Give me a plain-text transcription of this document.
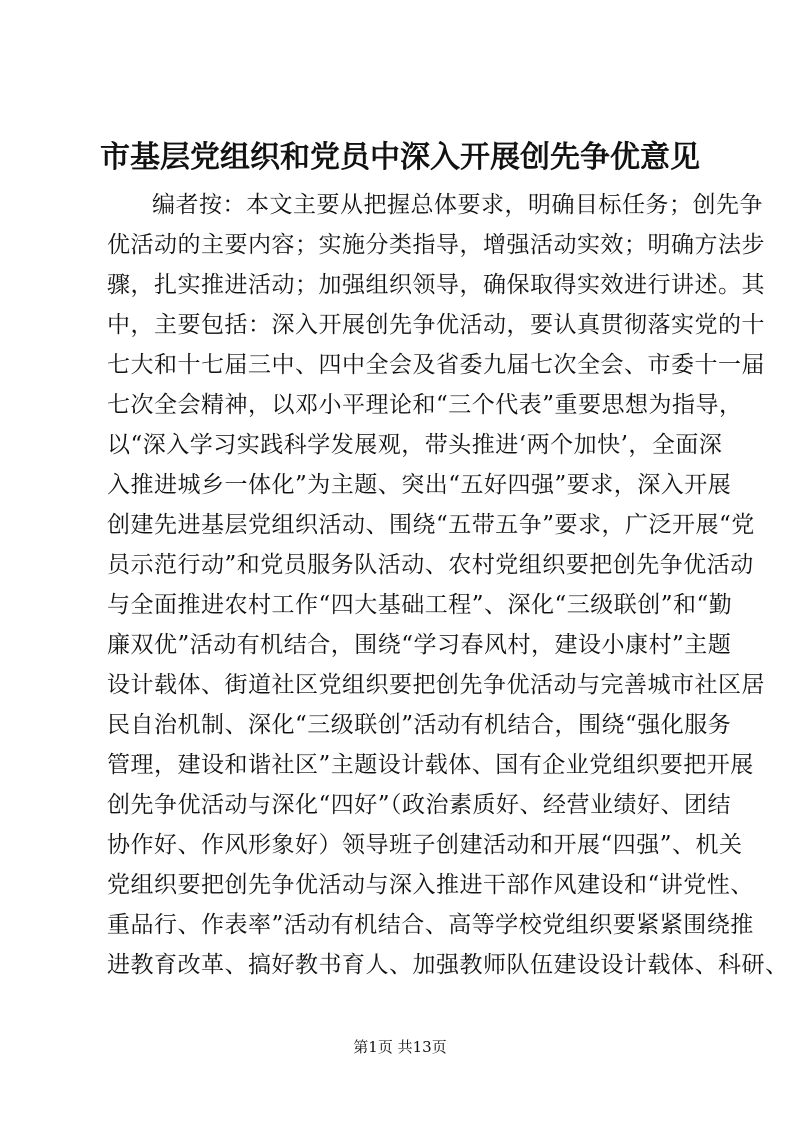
市基层党组织和党员中深入开展创先争优意见
编者按：本文主要从把握总体要求，明确目标任务；创先争
优活动的主要内容；实施分类指导，增强活动实效；明确方法步
骤，扎实推进活动；加强组织领导，确保取得实效进行讲述。其
中，主要包括：深入开展创先争优活动，要认真贯彻落实党的十
七大和十七届三中、四中全会及省委九届七次全会、市委十一届
七次全会精神，以邓小平理论和“三个代表”重要思想为指导，
以“深入学习实践科学发展观，带头推进‘两个加快’，全面深
入推进城乡一体化”为主题、突出“五好四强”要求，深入开展
创建先进基层党组织活动、围绕“五带五争”要求，广泛开展“党
员示范行动”和党员服务队活动、农村党组织要把创先争优活动
与全面推进农村工作“四大基础工程”、深化“三级联创”和“勤
廉双优”活动有机结合，围绕“学习春风村，建设小康村”主题
设计载体、街道社区党组织要把创先争优活动与完善城市社区居
民自治机制、深化“三级联创”活动有机结合，围绕“强化服务
管理，建设和谐社区”主题设计载体、国有企业党组织要把开展
创先争优活动与深化“四好”（政治素质好、经营业绩好、团结
协作好、作风形象好）领导班子创建活动和开展“四强”、机关
党组织要把创先争优活动与深入推进干部作风建设和“讲党性、
重品行、作表率”活动有机结合、高等学校党组织要紧紧围绕推
进教育改革、搞好教书育人、加强教师队伍建设设计载体、科研、
第1页 共13页
